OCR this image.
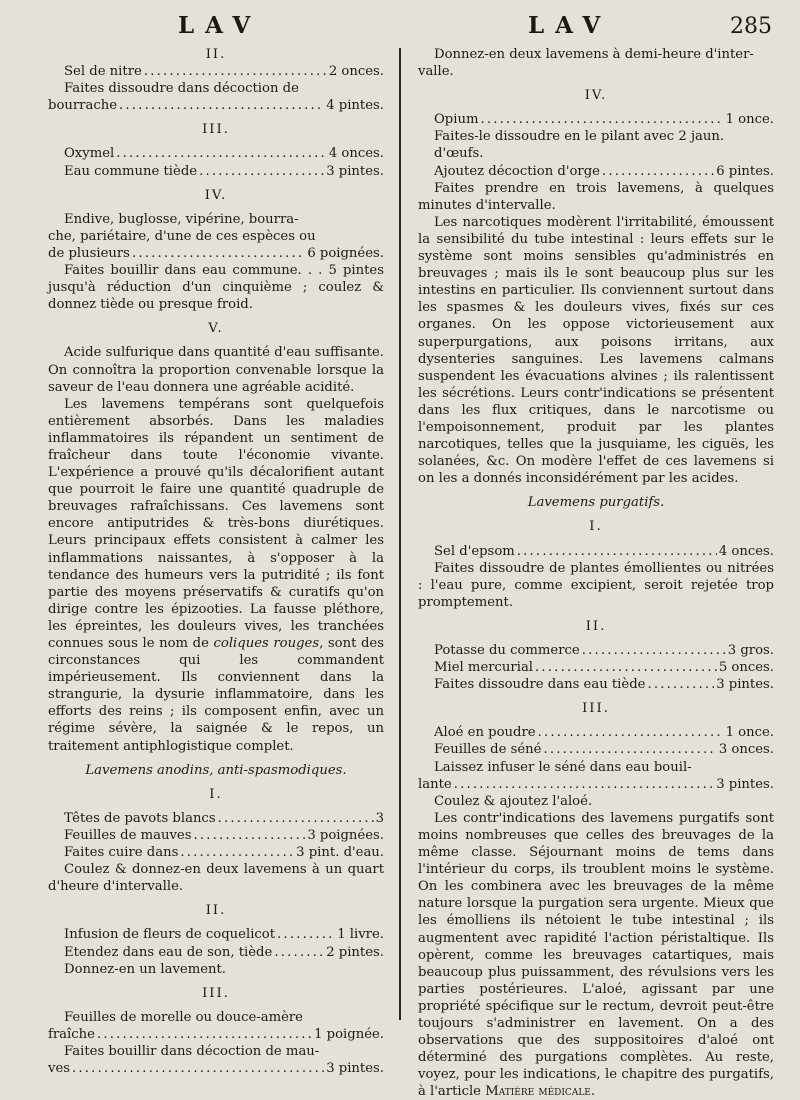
LAV	LAV	285
II.
Sel de nitre . . .	2 onces.
Faites dissoudre dans décoction de
bourrache . . .	4 pintes.
III.
Oxymel . . .	4 onces.
Eau commune tiède . . .	3 pintes.
IV.
Endive, buglosse, vipérine, bourra-
che, pariétaire, d'une de ces espèces ou
de plusieurs . . .	6 poignées.

Faites bouillir dans eau commune. . . 5 pintes jusqu'à réduction d'un cinquième ; coulez & donnez tiède ou presque froid.

V.

Acide sulfurique dans quantité d'eau suffisante. On connoîtra la proportion convenable lorsque la saveur de l'eau donnera une agréable acidité.

Les lavemens tempérans sont quelquefois entièrement absorbés. Dans les maladies inflammatoires ils répandent un sentiment de fraîcheur dans toute l'économie vivante. L'expérience a prouvé qu'ils décalorifient autant que pourroit le faire une quantité quadruple de breuvages rafraîchissans. Ces lavemens sont encore antiputrides & très-bons diurétiques. Leurs principaux effets consistent à calmer les inflammations naissantes, à s'opposer à la tendance des humeurs vers la putridité ; ils font partie des moyens préservatifs & curatifs qu'on dirige contre les épizooties. La fausse pléthore, les épreintes, les douleurs vives, les tranchées connues sous le nom de coliques rouges, sont des circonstances qui les commandent impérieusement. Ils conviennent dans la strangurie, la dysurie inflammatoire, dans les efforts des reins ; ils composent enfin, avec un régime sévère, la saignée & le repos, un traitement antiphlogistique complet.

Lavemens anodins, anti-spasmodiques.
I.
Têtes de pavots blancs . . .	3
Feuilles de mauves . . .	3 poignées.
Faites cuire dans . . .	3 pint. d'eau.

Coulez & donnez-en deux lavemens à un quart d'heure d'intervalle.

II.
Infusion de fleurs de coquelicot . . .	1 livre.
Etendez dans eau de son, tiède . . .	2 pintes.
Donnez-en un lavement.
III.
Feuilles de morelle ou douce-amère
fraîche . . .	1 poignée.
Faites bouillir dans décoction de mau-
ves . . .	3 pintes.
Donnez-en deux lavemens à demi-heure d'inter-
valle.
IV.
Opium . . .	1 once.
Faites-le dissoudre en le pilant avec 2 jaun. d'œufs.
Ajoutez décoction d'orge . . .	6 pintes.

Faites prendre en trois lavemens, à quelques minutes d'intervalle.

Les narcotiques modèrent l'irritabilité, émoussent la sensibilité du tube intestinal : leurs effets sur le système sont moins sensibles qu'administrés en breuvages ; mais ils le sont beaucoup plus sur les intestins en particulier. Ils conviennent surtout dans les spasmes & les douleurs vives, fixés sur ces organes. On les oppose victorieusement aux superpurgations, aux poisons irritans, aux dysenteries sanguines. Les lavemens calmans suspendent les évacuations alvines ; ils ralentissent les sécrétions. Leurs contr'indications se présentent dans les flux critiques, dans le narcotisme ou l'empoisonnement, produit par les plantes narcotiques, telles que la jusquiame, les ciguës, les solanées, &c. On modère l'effet de ces lavemens si on les a donnés inconsidérément par les acides.

Lavemens purgatifs.
I.
Sel d'epsom . . .	4 onces.

Faites dissoudre de plantes émollientes ou nitrées : l'eau pure, comme excipient, seroit rejetée trop promptement.

II.
Potasse du commerce . . .	3 gros.
Miel mercurial . . .	5 onces.
Faites dissoudre dans eau tiède . . .	3 pintes.
III.
Aloé en poudre . . .	1 once.
Feuilles de séné . . .	3 onces.
Laissez infuser le séné dans eau bouil-
lante . . .	3 pintes.
Coulez & ajoutez l'aloé.

Les contr'indications des lavemens purgatifs sont moins nombreuses que celles des breuvages de la même classe. Séjournant moins de tems dans l'intérieur du corps, ils troublent moins le système. On les combinera avec les breuvages de la même nature lorsque la purgation sera urgente. Mieux que les émolliens ils nétoient le tube intestinal ; ils augmentent avec rapidité l'action péristaltique. Ils opèrent, comme les breuvages catartiques, mais beaucoup plus puissamment, des révulsions vers les parties postérieures. L'aloé, agissant par une propriété spécifique sur le rectum, devroit peut-être toujours s'administrer en lavement. On a des observations que des suppositoires d'aloé ont déterminé des purgations complètes. Au reste, voyez, pour les indications, le chapitre des purgatifs, à l'article Matière médicale.
